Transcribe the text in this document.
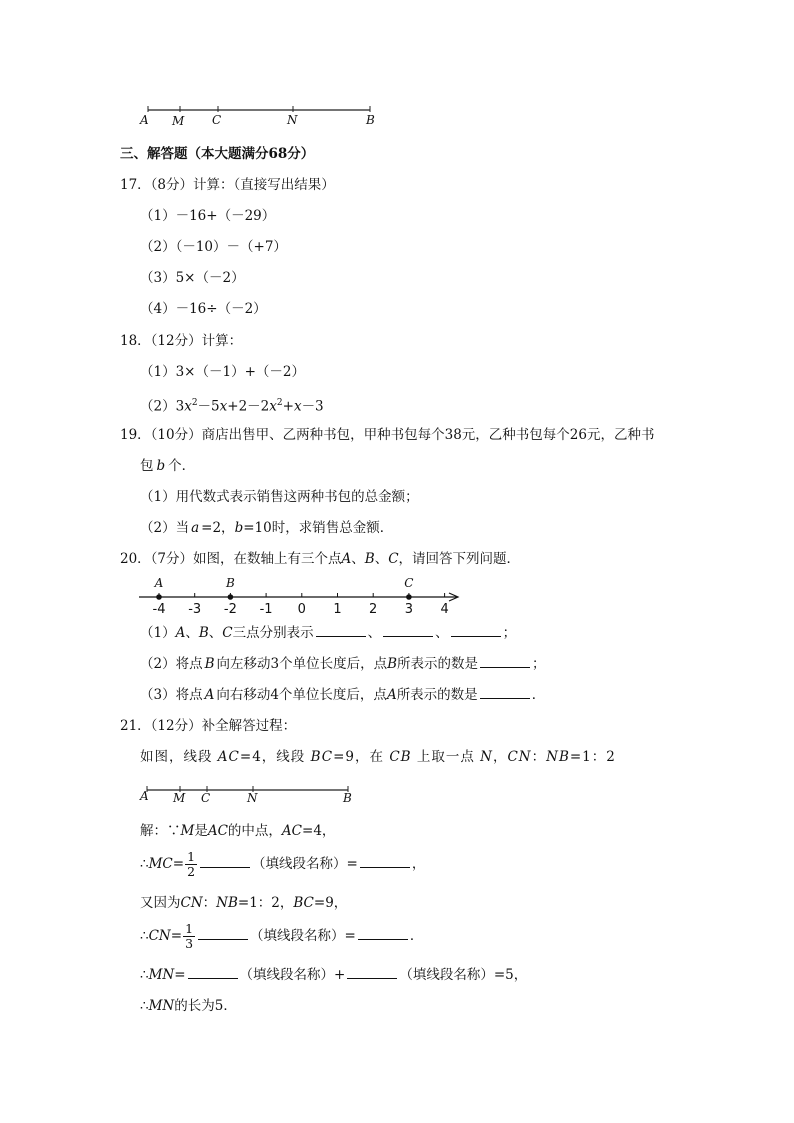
A M C	N	B
三、解答题（本大题满分68分）
17．（8分）计算：（直接写出结果）
（1）－16+（－29）
（2）（－10）－（+7）
（3）5×（－2）
（4）－16÷（－2）
18．（12分）计算：
（1）3×（－1）+（－2）
$(2)3x^2-5x+2-2x^2+x-3$
19．（10分）商店出售甲、乙两种书包，甲种书包每个38元，乙种书包每个26元，乙种书
包 b 个．
（1）用代数式表示销售这两种书包的总金额；
（2）当 a =2，b=10时，求销售总金额．
20．（7分）如图，在数轴上有三个点A、B、C，请回答下列问题．
-4 -3 -2 -1 0 1 2 3 4
A	B	C
（1）A、B、C三点分别表示	、	、	；
（2）将点 B 向左移动3个单位长度后，点B所表示的数是	；
（3）将点 A 向右移动4个单位长度后，点A所表示的数是	．
21．（12分）补全解答过程：
如图，线段 AC=4，线段 BC=9，在 CB 上取一点 N，CN：NB=1：2
A M C	N	B
解：∵M是AC的中点，AC=4，
∴MC= $\frac{1}{2}$	（填线段名称）=	，
又因为CN：NB=1：2，BC=9，
∴CN= $\frac{1}{3}$	（填线段名称）=	．
∴MN=	（填线段名称）+	（填线段名称）=5，
∴MN的长为5．
